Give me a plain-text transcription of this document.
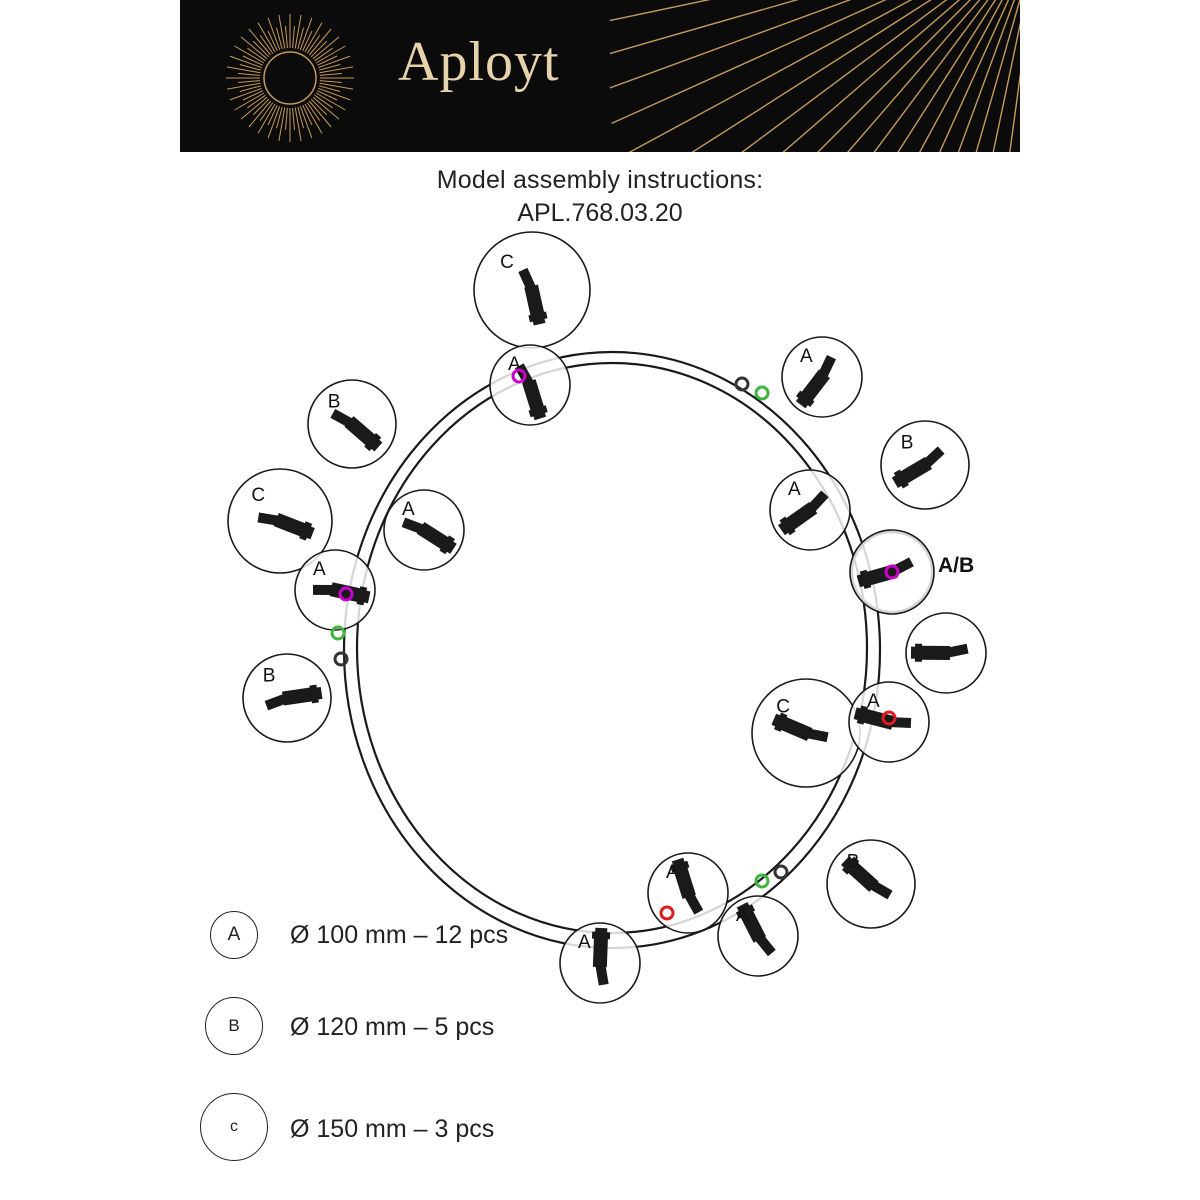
Aployt
Model assembly instructions:
APL.768.03.20
C
A
B
C
A
A
B
A
A
A
B
C	A
B
A
A
A/B
A	Ø 100 mm – 12 pcs
B	Ø 120 mm – 5 pcs
c	Ø 150 mm – 3 pcs
